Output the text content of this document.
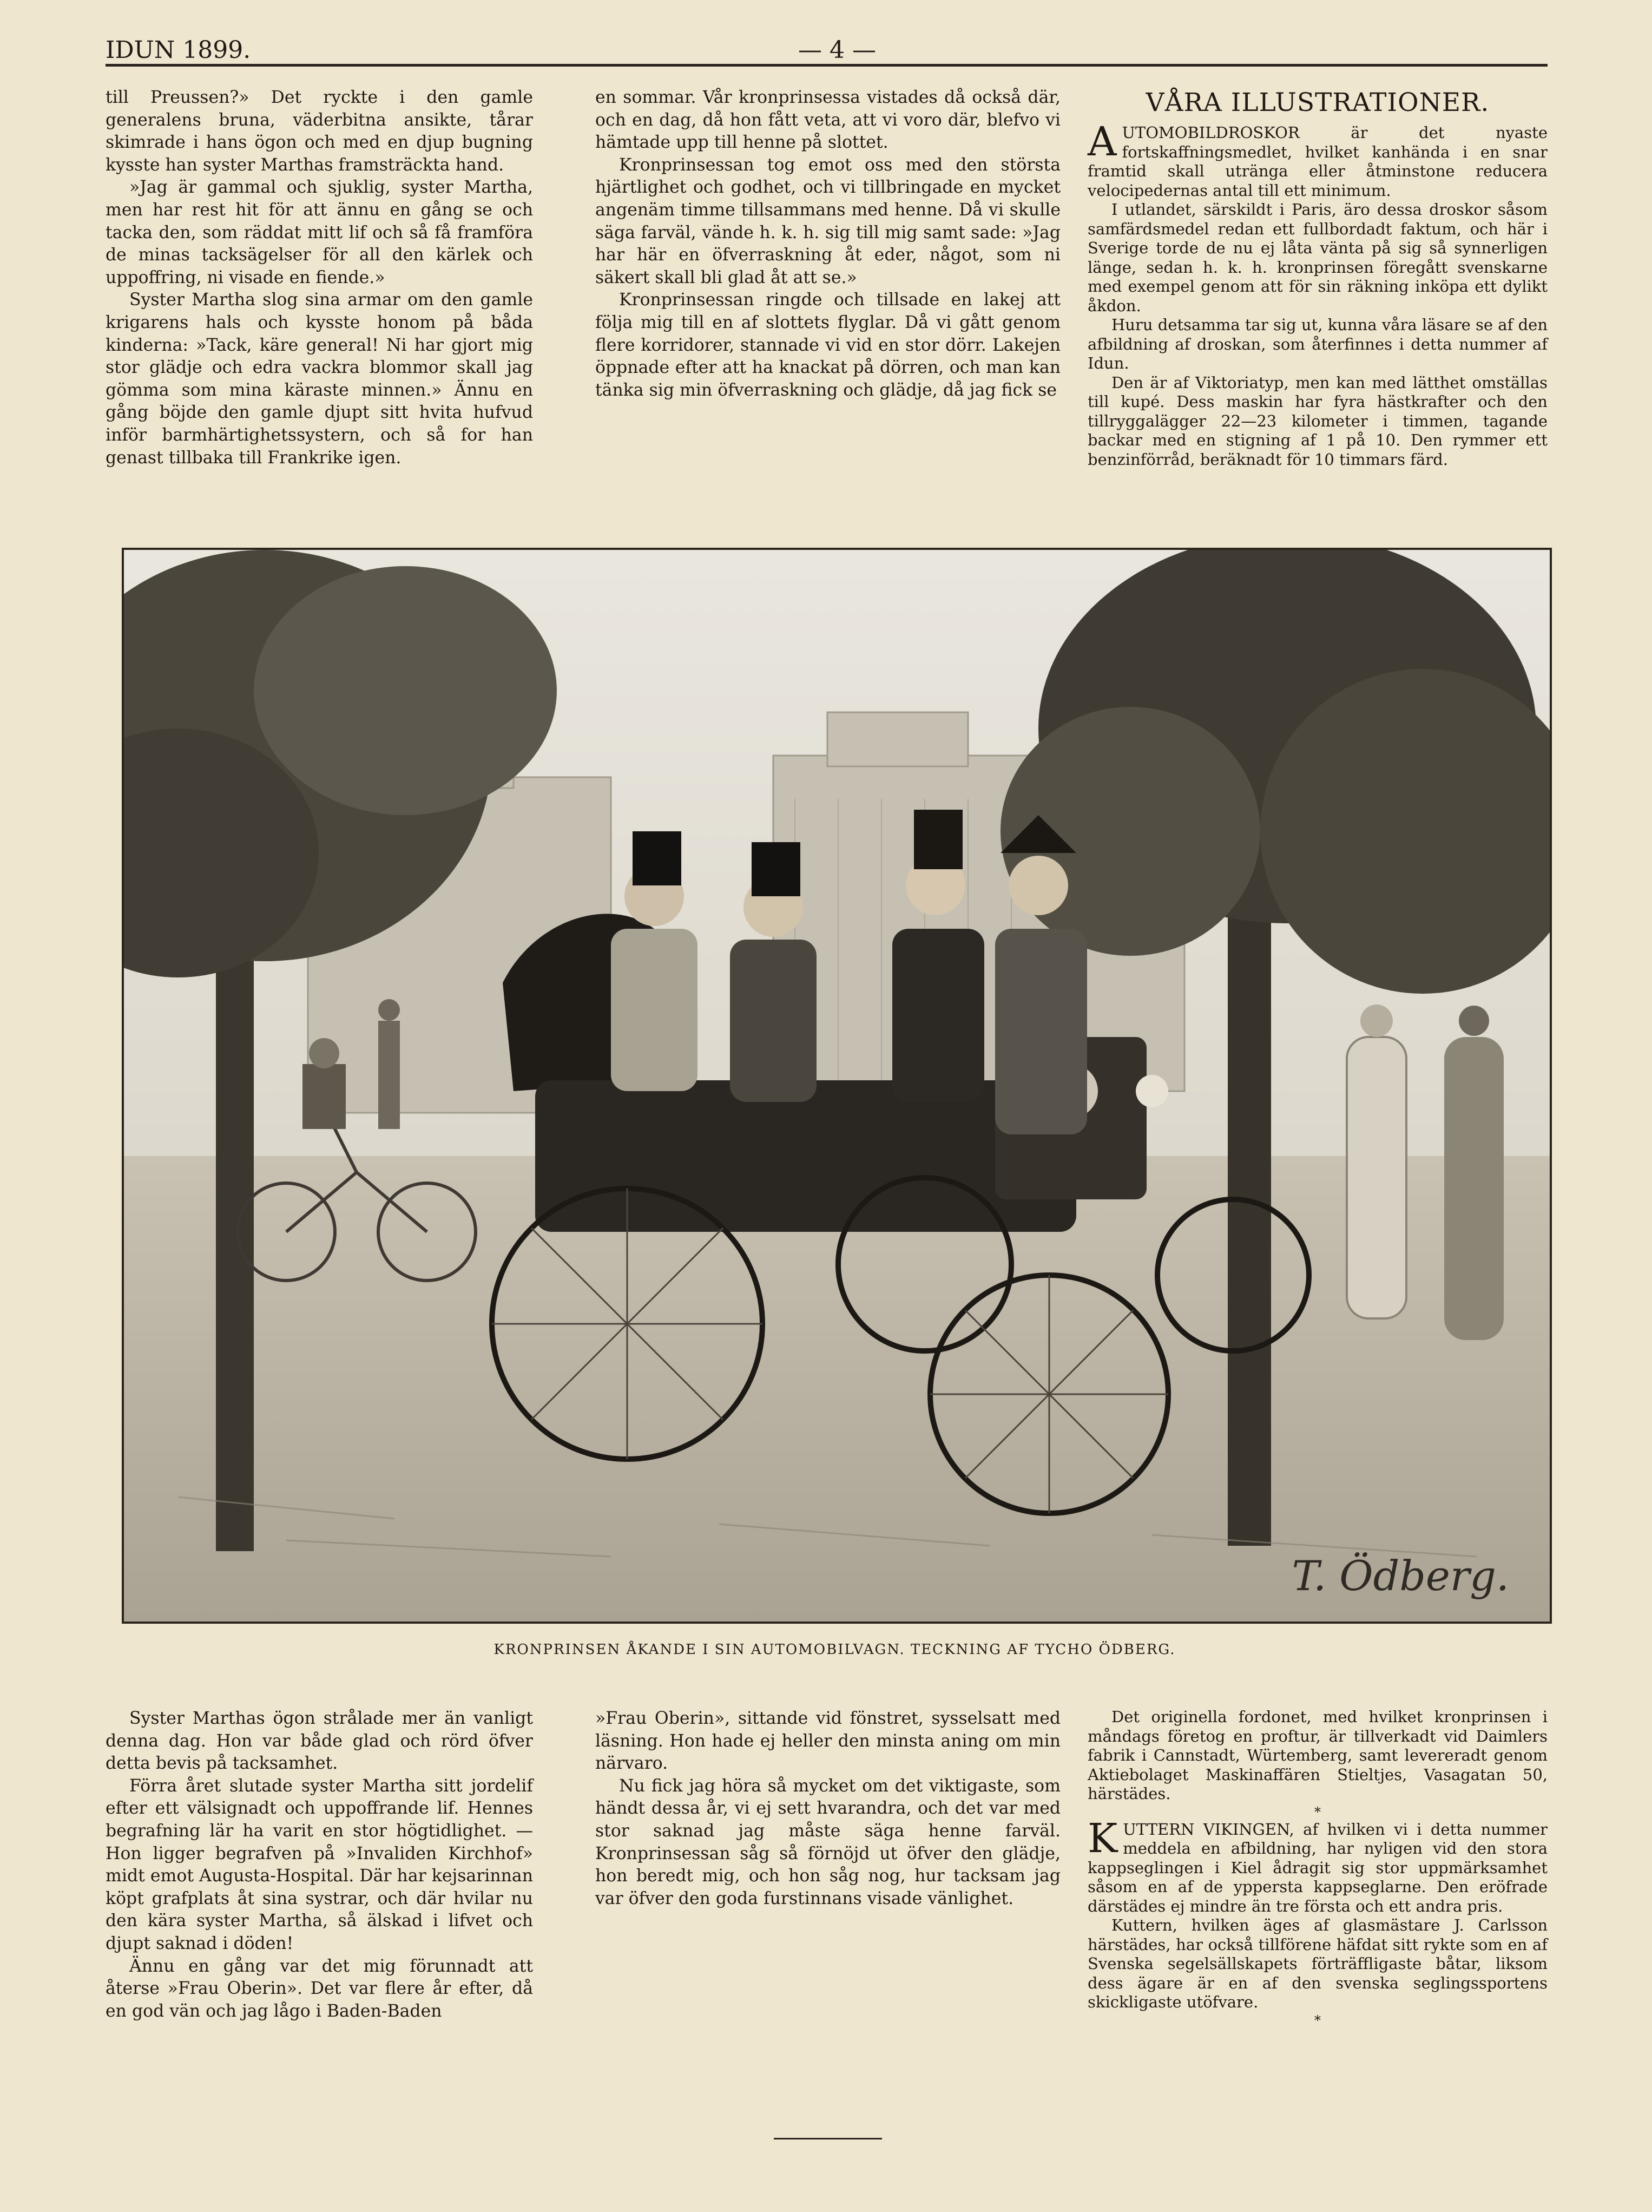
IDUN 1899.	— 4 —

till Preussen?» Det ryckte i den gamle generalens bruna, väderbitna ansikte, tårar skimrade i hans ögon och med en djup bugning kysste han syster Marthas framsträckta hand.

»Jag är gammal och sjuklig, syster Martha, men har rest hit för att ännu en gång se och tacka den, som räddat mitt lif och så få framföra de minas tacksägelser för all den kärlek och uppoffring, ni visade en fiende.»

Syster Martha slog sina armar om den gamle krigarens hals och kysste honom på båda kinderna: »Tack, käre general! Ni har gjort mig stor glädje och edra vackra blommor skall jag gömma som mina käraste minnen.» Ännu en gång böjde den gamle djupt sitt hvita hufvud inför barmhärtighetssystern, och så for han genast tillbaka till Frankrike igen.

en sommar. Vår kronprinsessa vistades då också där, och en dag, då hon fått veta, att vi voro där, blefvo vi hämtade upp till henne på slottet.

Kronprinsessan tog emot oss med den största hjärtlighet och godhet, och vi tillbringade en mycket angenäm timme tillsammans med henne. Då vi skulle säga farväl, vände h. k. h. sig till mig samt sade: »Jag har här en öfverraskning åt eder, något, som ni säkert skall bli glad åt att se.»

Kronprinsessan ringde och tillsade en lakej att följa mig till en af slottets flyglar. Då vi gått genom flere korridorer, stannade vi vid en stor dörr. Lakejen öppnade efter att ha knackat på dörren, och man kan tänka sig min öfverraskning och glädje, då jag fick se

VÅRA ILLUSTRATIONER.

AUTOMOBILDROSKOR är det nyaste fortskaffningsmedlet, hvilket kanhända i en snar framtid skall utränga eller åtminstone reducera velocipedernas antal till ett minimum.

I utlandet, särskildt i Paris, äro dessa droskor såsom samfärdsmedel redan ett fullbordadt faktum, och här i Sverige torde de nu ej låta vänta på sig så synnerligen länge, sedan h. k. h. kronprinsen föregått svenskarne med exempel genom att för sin räkning inköpa ett dylikt åkdon.

Huru detsamma tar sig ut, kunna våra läsare se af den afbildning af droskan, som återfinnes i detta nummer af Idun.

Den är af Viktoriatyp, men kan med lätthet omställas till kupé. Dess maskin har fyra hästkrafter och den tillryggalägger 22—23 kilometer i timmen, tagande backar med en stigning af 1 på 10. Den rymmer ett benzinförråd, beräknadt för 10 timmars färd.

T. Ödberg.
KRONPRINSEN ÅKANDE I SIN AUTOMOBILVAGN. TECKNING AF TYCHO ÖDBERG.

Syster Marthas ögon strålade mer än vanligt denna dag. Hon var både glad och rörd öfver detta bevis på tacksamhet.

Förra året slutade syster Martha sitt jordelif efter ett välsignadt och uppoffrande lif. Hennes begrafning lär ha varit en stor högtidlighet. — Hon ligger begrafven på »Invaliden Kirchhof» midt emot Augusta-Hospital. Där har kejsarinnan köpt grafplats åt sina systrar, och där hvilar nu den kära syster Martha, så älskad i lifvet och djupt saknad i döden!

Ännu en gång var det mig förunnadt att återse »Frau Oberin». Det var flere år efter, då en god vän och jag lågo i Baden-Baden

»Frau Oberin», sittande vid fönstret, sysselsatt med läsning. Hon hade ej heller den minsta aning om min närvaro.

Nu fick jag höra så mycket om det viktigaste, som händt dessa år, vi ej sett hvarandra, och det var med stor saknad jag måste säga henne farväl. Kronprinsessan såg så förnöjd ut öfver den glädje, hon beredt mig, och hon såg nog, hur tacksam jag var öfver den goda furstinnans visade vänlighet.

Det originella fordonet, med hvilket kronprinsen i måndags företog en proftur, är tillverkadt vid Daimlers fabrik i Cannstadt, Würtemberg, samt levereradt genom Aktiebolaget Maskinaffären Stieltjes, Vasagatan 50, härstädes.

*

KUTTERN VIKINGEN, af hvilken vi i detta nummer meddela en afbildning, har nyligen vid den stora kappseglingen i Kiel ådragit sig stor uppmärksamhet såsom en af de yppersta kappseglarne. Den eröfrade därstädes ej mindre än tre första och ett andra pris.

Kuttern, hvilken äges af glasmästare J. Carlsson härstädes, har också tillförene häfdat sitt rykte som en af Svenska segelsällskapets förträffligaste båtar, liksom dess ägare är en af den svenska seglingssportens skickligaste utöfvare.

*
